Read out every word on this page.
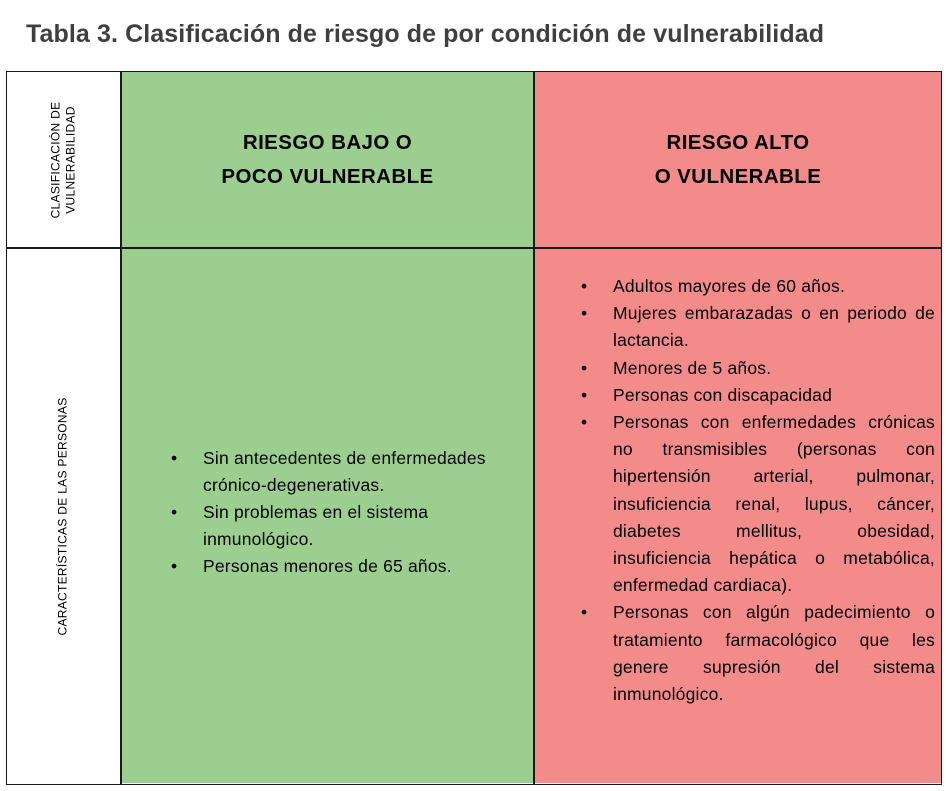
Tabla 3. Clasificación de riesgo de por condición de vulnerabilidad
CLASIFICACIÓN DE VULNERABILIDAD
CARACTERÍSTICAS DE LAS PERSONAS
RIESGO BAJO O
POCO VULNERABLE
RIESGO ALTO
O VULNERABLE
• Sin antecedentes de enfermedades crónico-degenerativas.
• Sin problemas en el sistema inmunológico.
• Personas menores de 65 años.
• Adultos mayores de 60 años.
• Mujeres embarazadas o en periodo de lactancia.
• Menores de 5 años.
• Personas con discapacidad
• Personas con enfermedades crónicas no transmisibles (personas con hipertensión arterial, pulmonar, insuficiencia renal, lupus, cáncer, diabetes mellitus, obesidad, insuficiencia hepática o metabólica, enfermedad cardiaca).
• Personas con algún padecimiento o tratamiento farmacológico que les genere supresión del sistema inmunológico.
